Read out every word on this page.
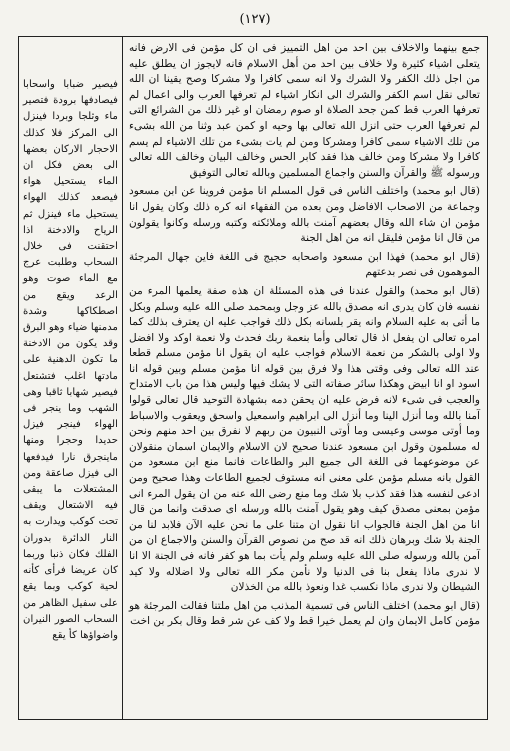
(١٢٧)

فيصير ضبابا واسحابا فيصادفها برودة فتصير ماء وثلجا وبردا فينزل الى المركز فلا كذلك الاحجار الاركان بعضها الى بعض فكل ان الماء يستحيل هواء فيصعد كذلك الهواء يستحيل ماء فينزل ثم الرياح والادخنة اذا احتقنت فى خلال السحاب وطلبت عرج مع الماء صوت وهو الرعد ويقع من اصطكاكها وشدة مدمنها ضياء وهو البرق وقد يكون من الادخنة ما تكون الدهنية على مادتها اغلب فتشتعل فيصير شهابا ثاقبا وهى الشهب وما ينجر فى الهواء فينجر فيزل حديدا وحجرا ومنها ماينجرق نارا فيدفعها الى فيزل صاعقة ومن المشتعلات ما يبقى فيه الاشتعال ويقف تحت كوكب ويدارت به النار الدائرة بدوران الفلك فكان ذنبا وربما كان عريضا فرأى كأنه لحية كوكب وبما يقع على سفيل الظاهر من السحاب الصور النيران واضواؤها كأ يقع

جمع بينهما والاخلاف بين احد من اهل التمييز فى ان كل مؤمن فى الارض فانه يتعلى اشياء كثيرة ولا خلاف بين احد من أهل الاسلام فانه لايجوز ان يطلق عليه من اجل ذلك الكفر ولا الشرك ولا انه سمى كافرا ولا مشركا وصح يقينا ان الله تعالى نقل اسم الكفر والشرك الى انكار اشياء لم تعرفها العرب والى اعمال لم تعرفها العرب قط كمن جحد الصلاة او صوم رمضان او غير ذلك من الشرائع التى لم تعرفها العرب حتى انزل الله تعالى بها وحيه او كمن عبد وثنا من الله بشىء من تلك الاشياء سمى كافرا ومشركا ومن لم يات بشىء من تلك الاشياء لم يسم كافرا ولا مشركا ومن خالف هذا فقد كابر الحس وخالف البيان وخالف الله تعالى ورسوله ﷺ والقرآن والسنن واجماع المسلمين وبالله تعالى التوفيق

(قال ابو محمد) واختلف الناس فى قول المسلم انا مؤمن فروينا عن ابن مسعود وجماعة من الاصحاب الافاضل ومن بعده من الفقهاء انه كره ذلك وكان يقول انا مؤمن ان شاء الله وقال بعضهم آمنت بالله وملائكته وكتبه ورسله وكانوا يقولون من قال انا مؤمن فليقل انه من اهل الجنة

(قال ابو محمد) فهذا ابن مسعود واصحابه حجيج فى اللغة فاين جهال المرجئة الموهمون فى نصر بدعتهم

(قال ابو محمد) والقول عندنا فى هذه المسئلة ان هذه صفة يعلمها المرء من نفسه فان كان يدرى انه مصدق بالله عز وجل وبمحمد صلى الله عليه وسلم وبكل ما أتى به عليه السلام وانه يقر بلسانه بكل ذلك فواجب عليه ان يعترف بذلك كما امره تعالى ان يفعل اذ قال تعالى وأما بنعمة ربك فحدث ولا نعمة اوكد ولا افضل ولا اولى بالشكر من نعمة الاسلام فواجب عليه ان يقول انا مؤمن مسلم قطعا عند الله تعالى وفى وقتى هذا ولا فرق بين قوله انا مؤمن مسلم وبين قوله انا اسود او انا ابيض وهكذا سائر صفاته التى لا يشك فيها وليس هذا من باب الامتداح والعجب فى شىء لانه فرض عليه ان يحقن دمه بشهادة التوحيد قال تعالى قولوا آمنا بالله وما أنزل الينا وما أنزل الى ابراهيم واسمعيل واسحق ويعقوب والاسباط وما أوتى موسى وعيسى وما أوتى النبيون من ربهم لا نفرق بين احد منهم ونحن له مسلمون وقول ابن مسعود عندنا صحيح لان الاسلام والايمان اسمان منقولان عن موضوعهما فى اللغة الى جميع البر والطاعات فانما منع ابن مسعود من القول بانه مسلم مؤمن على معنى انه مستوف لجميع الطاعات وهذا صحيح ومن ادعى لنفسه هذا فقد كذب بلا شك وما منع رضى الله عنه من ان يقول المرء انى مؤمن بمعنى مصدق كيف وهو يقول آمنت بالله ورسله اى صدقت وانما من قال انا من اهل الجنة فالجواب انا نقول ان متنا على ما نحن عليه الآن فلابد لنا من الجنة بلا شك وبرهان ذلك انه قد صح من نصوص القرآن والسنن والاجماع ان من آمن بالله ورسوله صلى الله عليه وسلم ولم يأت بما هو كفر فانه فى الجنة الا انا لا ندرى ماذا يفعل بنا فى الدنيا ولا نأمن مكر الله تعالى ولا اضلاله ولا كيد الشيطان ولا ندرى ماذا نكسب غدا ونعوذ بالله من الخذلان

(قال ابو محمد) اختلف الناس فى تسمية المذنب من اهل ملتنا فقالت المرجئة هو مؤمن كامل الايمان وان لم يعمل خيرا قط ولا كف عن شر قط وقال بكر بن اخت
